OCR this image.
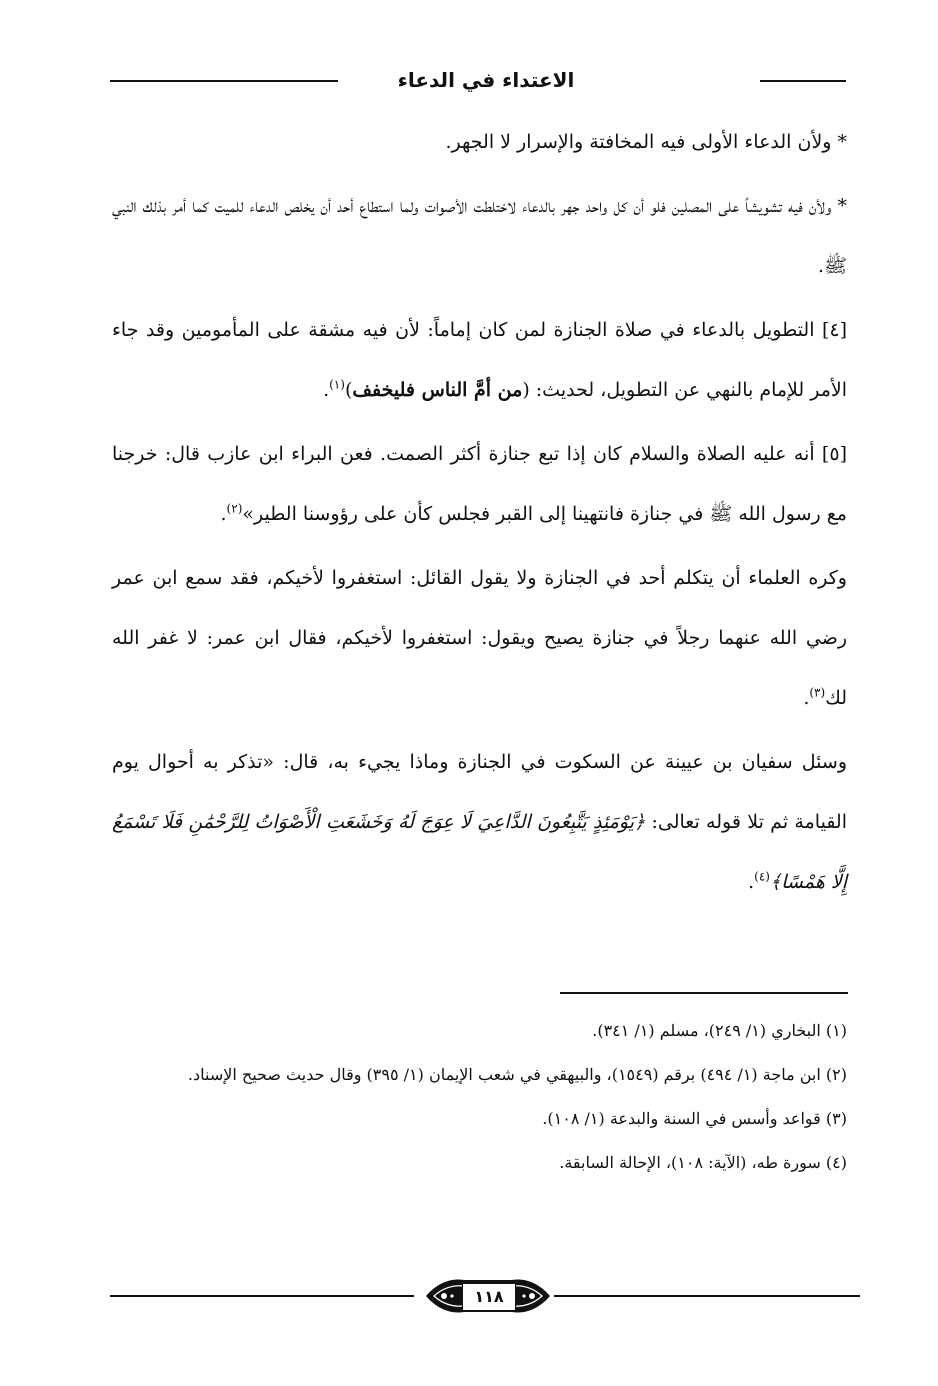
الاعتداء في الدعاء

* ولأن الدعاء الأولى فيه المخافتة والإسرار لا الجهر.

* ولأن فيه تشويشاً على المصلين فلو أن كل واحد جهر بالدعاء لاختلطت الأصوات ولما استطاع أحد أن يخلص الدعاء للميت كما أمر بذلك النبي ﷺ.

[٤] التطويل بالدعاء في صلاة الجنازة لمن كان إماماً: لأن فيه مشقة على المأمومين وقد جاء الأمر للإمام بالنهي عن التطويل، لحديث: (من أمَّ الناس فليخفف)$^{(١)}$.

[٥] أنه عليه الصلاة والسلام كان إذا تبع جنازة أكثر الصمت. فعن البراء ابن عازب قال: خرجنا مع رسول الله ﷺ في جنازة فانتهينا إلى القبر فجلس كأن على رؤوسنا الطير»$^{(٢)}$.

وكره العلماء أن يتكلم أحد في الجنازة ولا يقول القائل: استغفروا لأخيكم، فقد سمع ابن عمر رضي الله عنهما رجلاً في جنازة يصيح ويقول: استغفروا لأخيكم، فقال ابن عمر: لا غفر الله لك$^{(٣)}$.

وسئل سفيان بن عيينة عن السكوت في الجنازة وماذا يجيء به، قال: «تذكر به أحوال يوم القيامة ثم تلا قوله تعالى: ﴿يَوْمَئِذٍ يَتَّبِعُونَ الدَّاعِيَ لَا عِوَجَ لَهُ وَخَشَعَتِ الْأَصْوَاتُ لِلرَّحْمَٰنِ فَلَا تَسْمَعُ إِلَّا هَمْسًا﴾$^{(٤)}$.

(١) البخاري (١/ ٢٤٩)، مسلم (١/ ٣٤١).

(٢) ابن ماجة (١/ ٤٩٤) برقم (١٥٤٩)، والبيهقي في شعب الإيمان (١/ ٣٩٥) وقال حديث صحيح الإسناد.

(٣) قواعد وأسس في السنة والبدعة (١/ ١٠٨).

(٤) سورة طه، (الآية: ١٠٨)، الإحالة السابقة.

١١٨
